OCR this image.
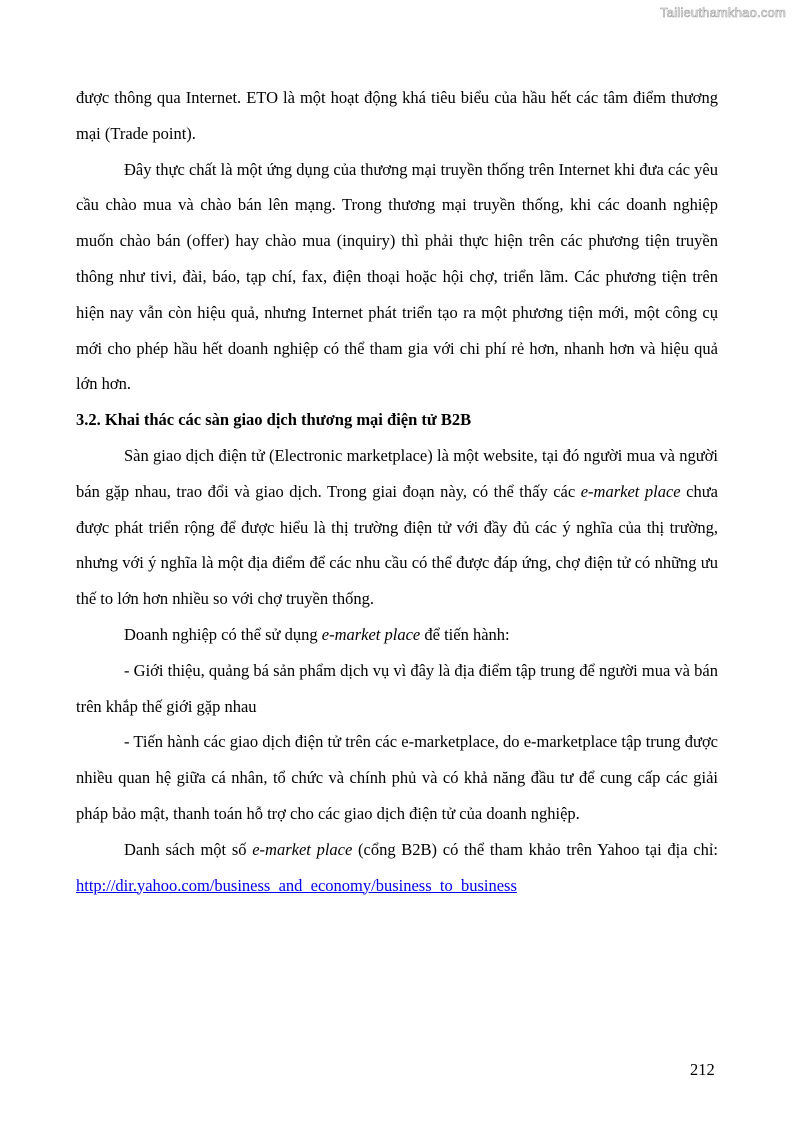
Tailieuthamkhao.com

được thông qua Internet. ETO là một hoạt động khá tiêu biểu của hầu hết các tâm điểm thương mại (Trade point).

Đây thực chất là một ứng dụng của thương mại truyền thống trên Internet khi đưa các yêu cầu chào mua và chào bán lên mạng. Trong thương mại truyền thống, khi các doanh nghiệp muốn chào bán (offer) hay chào mua (inquiry) thì phải thực hiện trên các phương tiện truyền thông như tivi, đài, báo, tạp chí, fax, điện thoại hoặc hội chợ, triển lãm. Các phương tiện trên hiện nay vẫn còn hiệu quả, nhưng Internet phát triển tạo ra một phương tiện mới, một công cụ mới cho phép hầu hết doanh nghiệp có thể tham gia với chi phí rẻ hơn, nhanh hơn và hiệu quả lớn hơn.

3.2. Khai thác các sàn giao dịch thương mại điện tử B2B

Sàn giao dịch điện tử (Electronic marketplace) là một website, tại đó người mua và người bán gặp nhau, trao đổi và giao dịch. Trong giai đoạn này, có thể thấy các e-market place chưa được phát triển rộng để được hiểu là thị trường điện tử với đầy đủ các ý nghĩa của thị trường, nhưng với ý nghĩa là một địa điểm để các nhu cầu có thể được đáp ứng, chợ điện tử có những ưu thế to lớn hơn nhiều so với chợ truyền thống.

Doanh nghiệp có thể sử dụng e-market place để tiến hành:

- Giới thiệu, quảng bá sản phẩm dịch vụ vì đây là địa điểm tập trung để người mua và bán trên khắp thế giới gặp nhau

- Tiến hành các giao dịch điện tử trên các e-marketplace, do e-marketplace tập trung được nhiều quan hệ giữa cá nhân, tổ chức và chính phủ và có khả năng đầu tư để cung cấp các giải pháp bảo mật, thanh toán hỗ trợ cho các giao dịch điện tử của doanh nghiệp.

Danh sách một số e-market place (cổng B2B) có thể tham khảo trên Yahoo tại địa chỉ: http://dir.yahoo.com/business_and_economy/business_to_business

212
